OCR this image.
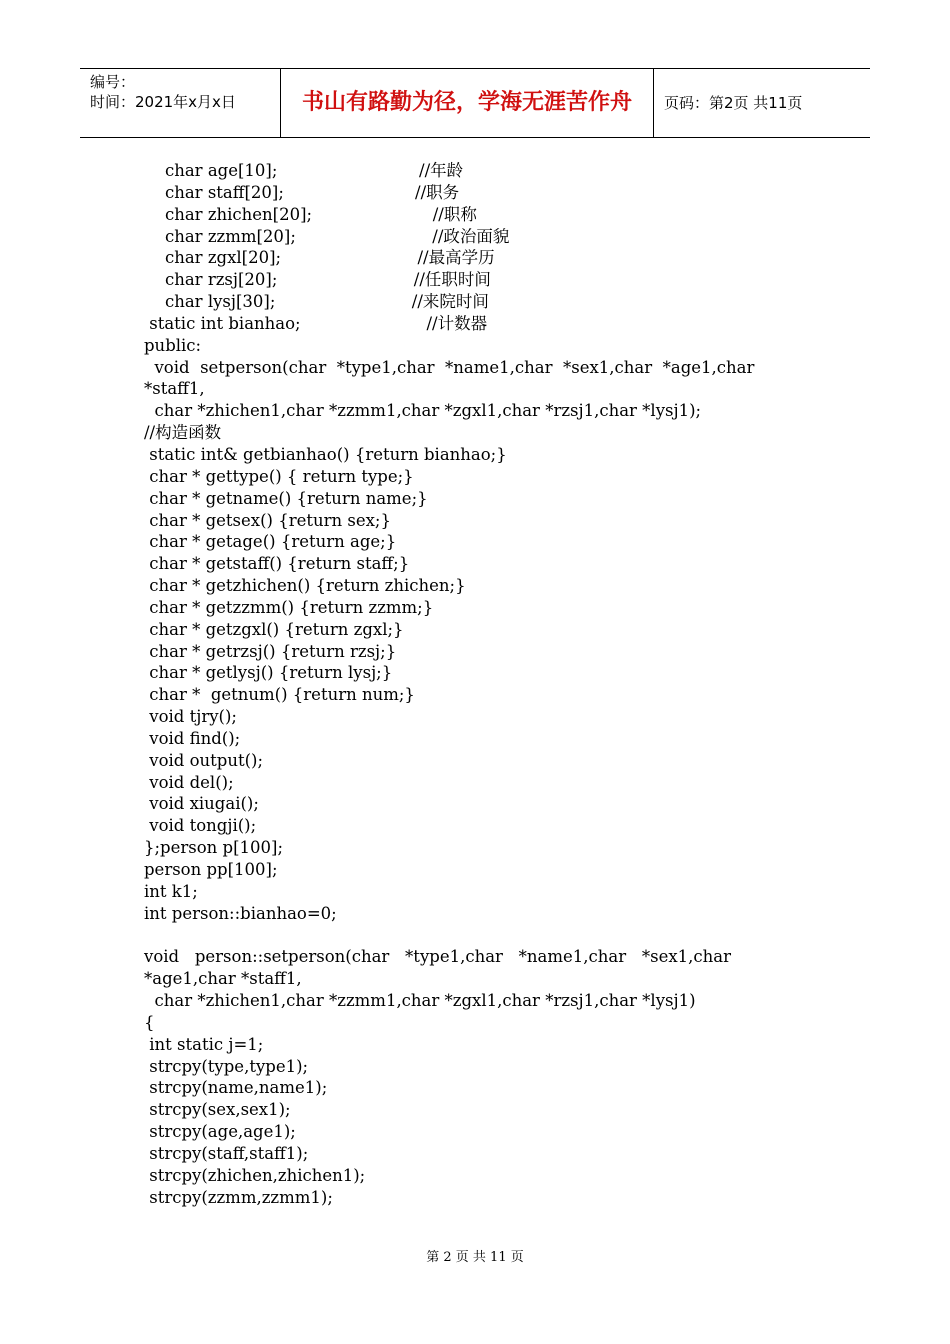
编号：
时间：2021年x月x日	书山有路勤为径，学海无涯苦作舟	页码：第2页 共11页
char age[10];                           //年龄
char staff[20];                         //职务
char zhichen[20];                       //职称
char zzmm[20];                          //政治面貌
char zgxl[20];                          //最高学历
char rzsj[20];                          //任职时间
char lysj[30];                          //来院时间
static int bianhao;                        //计数器
public:
void  setperson(char  *type1,char  *name1,char  *sex1,char  *age1,char
*staff1,
char *zhichen1,char *zzmm1,char *zgxl1,char *rzsj1,char *lysj1);
//构造函数
static int& getbianhao() {return bianhao;}
char * gettype() { return type;}
char * getname() {return name;}
char * getsex() {return sex;}
char * getage() {return age;}
char * getstaff() {return staff;}
char * getzhichen() {return zhichen;}
char * getzzmm() {return zzmm;}
char * getzgxl() {return zgxl;}
char * getrzsj() {return rzsj;}
char * getlysj() {return lysj;}
char *  getnum() {return num;}
void tjry();
void find();
void output();
void del();
void xiugai();
void tongji();
};person p[100];
person pp[100];
int k1;
int person::bianhao=0;
void   person::setperson(char   *type1,char   *name1,char   *sex1,char
*age1,char *staff1,
char *zhichen1,char *zzmm1,char *zgxl1,char *rzsj1,char *lysj1)
{
int static j=1;
strcpy(type,type1);
strcpy(name,name1);
strcpy(sex,sex1);
strcpy(age,age1);
strcpy(staff,staff1);
strcpy(zhichen,zhichen1);
strcpy(zzmm,zzmm1);
第 2 页 共 11 页
